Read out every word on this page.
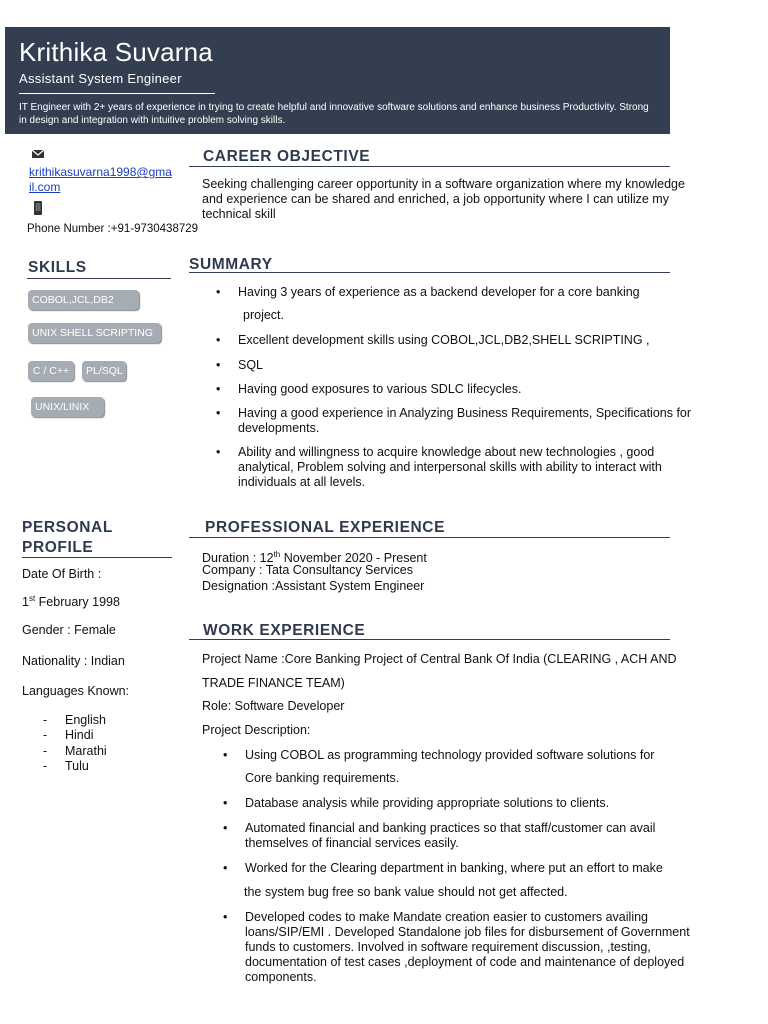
Krithika Suvarna
Assistant System Engineer
IT Engineer with 2+ years of experience in trying to create helpful and innovative software solutions and enhance business Productivity. Strong in design and integration with intuitive problem solving skills.
krithikasuvarna1998@gmail.com
Phone Number :+91-9730438729
SKILLS
COBOL,JCL,DB2
UNIX SHELL SCRIPTING
C / C++	PL/SQL
UNIX/LINIX
PERSONAL
PROFILE
Date Of Birth :
1st February 1998
Gender : Female
Nationality : Indian
Languages Known:
- English
- Hindi
- Marathi
- Tulu
CAREER OBJECTIVE
Seeking challenging career opportunity in a software organization where my knowledge and experience can be shared and enriched, a job opportunity where I can utilize my technical skill
SUMMARY
• Having 3 years of experience as a backend developer for a core banking
project.
• Excellent development skills using COBOL,JCL,DB2,SHELL SCRIPTING ,
• SQL
• Having good exposures to various SDLC lifecycles.
• Having a good experience in Analyzing Business Requirements, Specifications for developments.
• Ability and willingness to acquire knowledge about new technologies , good analytical, Problem solving and interpersonal skills with ability to interact with individuals at all levels.
PROFESSIONAL EXPERIENCE
Duration : 12th November 2020 - Present
Company : Tata Consultancy Services
Designation :Assistant System Engineer
WORK EXPERIENCE
Project Name :Core Banking Project of Central Bank Of India (CLEARING , ACH AND
TRADE FINANCE TEAM)
Role: Software Developer
Project Description:
• Using COBOL as programming technology provided software solutions for
Core banking requirements.
• Database analysis while providing appropriate solutions to clients.
• Automated financial and banking practices so that staff/customer can avail themselves of financial services easily.
• Worked for the Clearing department in banking, where put an effort to make
the system bug free so bank value should not get affected.
• Developed codes to make Mandate creation easier to customers availing loans/SIP/EMI . Developed Standalone job files for disbursement of Government funds to customers. Involved in software requirement discussion, ,testing, documentation of test cases ,deployment of code and maintenance of deployed components.
